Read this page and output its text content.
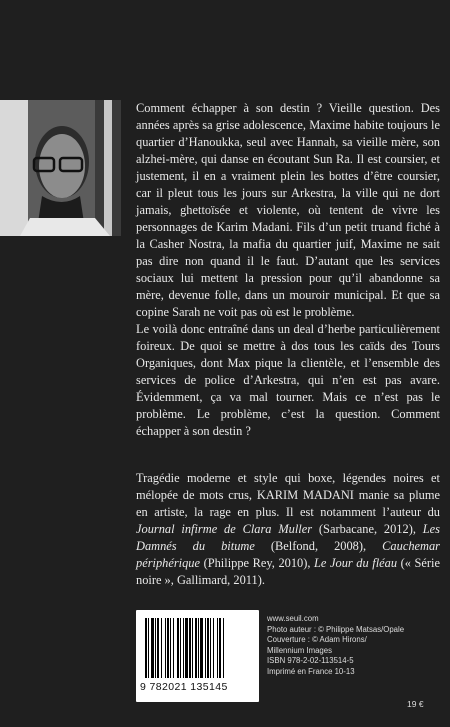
Comment échapper à son destin ? Vieille question. Des années après sa grise adolescence, Maxime habite toujours le quartier d’Hanoukka, seul avec Hannah, sa vieille mère, son alzhei-mère, qui danse en écoutant Sun Ra. Il est coursier, et justement, il en a vraiment plein les bottes d’être coursier, car il pleut tous les jours sur Arkestra, la ville qui ne dort jamais, ghettoïsée et violente, où tentent de vivre les personnages de Karim Madani. Fils d’un petit truand fiché à la Casher Nostra, la mafia du quartier juif, Maxime ne sait pas dire non quand il le faut. D’autant que les services sociaux lui mettent la pression pour qu’il abandonne sa mère, devenue folle, dans un mouroir municipal. Et que sa copine Sarah ne voit pas où est le problème.

Le voilà donc entraîné dans un deal d’herbe particulièrement foireux. De quoi se mettre à dos tous les caïds des Tours Organiques, dont Max pique la clientèle, et l’ensemble des services de police d’Arkestra, qui n’en est pas avare. Évidemment, ça va mal tourner. Mais ce n’est pas le problème. Le problème, c’est la question. Comment échapper à son destin ?

Tragédie moderne et style qui boxe, légendes noires et mélopée de mots crus, KARIM MADANI manie sa plume en artiste, la rage en plus. Il est notamment l’auteur du Journal infirme de Clara Muller (Sarbacane, 2012), Les Damnés du bitume (Belfond, 2008), Cauchemar périphérique (Philippe Rey, 2010), Le Jour du fléau (« Série noire », Gallimard, 2011).

9 782021 135145
www.seuil.com
Photo auteur : © Philippe Matsas/Opale
Couverture : © Adam Hirons/
Millennium Images
ISBN 978-2-02-113514-5
Imprimé en France 10-13
19 €
